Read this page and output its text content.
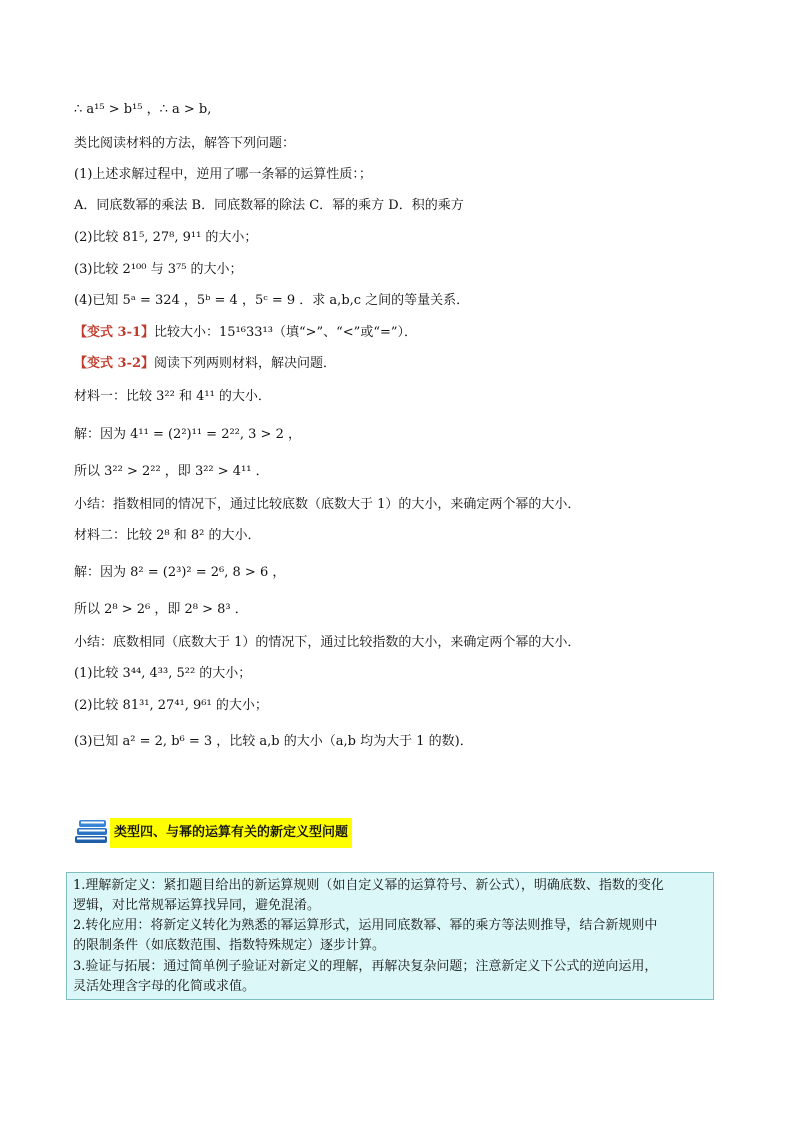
∴ a¹⁵ > b¹⁵ ，∴ a > b,
类比阅读材料的方法，解答下列问题：
(1)上述求解过程中，逆用了哪一条幂的运算性质：；
A．同底数幂的乘法 B．同底数幂的除法 C．幂的乘方 D．积的乘方
(2)比较 81⁵, 27⁸, 9¹¹ 的大小；
(3)比较 2¹⁰⁰ 与 3⁷⁵ 的大小；
(4)已知 5ᵃ = 324 ，5ᵇ = 4 ，5ᶜ = 9 ．求 a,b,c 之间的等量关系．
【变式 3-1】比较大小：15¹⁶33¹³（填“>”、“<”或“=”）．
【变式 3-2】阅读下列两则材料，解决问题．
材料一：比较 3²² 和 4¹¹ 的大小．
解：因为 4¹¹ = (2²)¹¹ = 2²², 3 > 2 ，
所以 3²² > 2²² ，即 3²² > 4¹¹ ．
小结：指数相同的情况下，通过比较底数（底数大于 1）的大小，来确定两个幂的大小．
材料二：比较 2⁸ 和 8² 的大小．
解：因为 8² = (2³)² = 2⁶, 8 > 6 ，
所以 2⁸ > 2⁶ ，即 2⁸ > 8³ ．
小结：底数相同（底数大于 1）的情况下，通过比较指数的大小，来确定两个幂的大小．
(1)比较 3⁴⁴, 4³³, 5²² 的大小；
(2)比较 81³¹, 27⁴¹, 9⁶¹ 的大小；
(3)已知 a² = 2, b⁶ = 3 ，比较 a,b 的大小（a,b 均为大于 1 的数)．
类型四、与幂的运算有关的新定义型问题
1.理解新定义：紧扣题目给出的新运算规则（如自定义幂的运算符号、新公式），明确底数、指数的变化
逻辑，对比常规幂运算找异同，避免混淆。
2.转化应用：将新定义转化为熟悉的幂运算形式，运用同底数幂、幂的乘方等法则推导，结合新规则中
的限制条件（如底数范围、指数特殊规定）逐步计算。
3.验证与拓展：通过简单例子验证对新定义的理解，再解决复杂问题；注意新定义下公式的逆向运用，
灵活处理含字母的化简或求值。
